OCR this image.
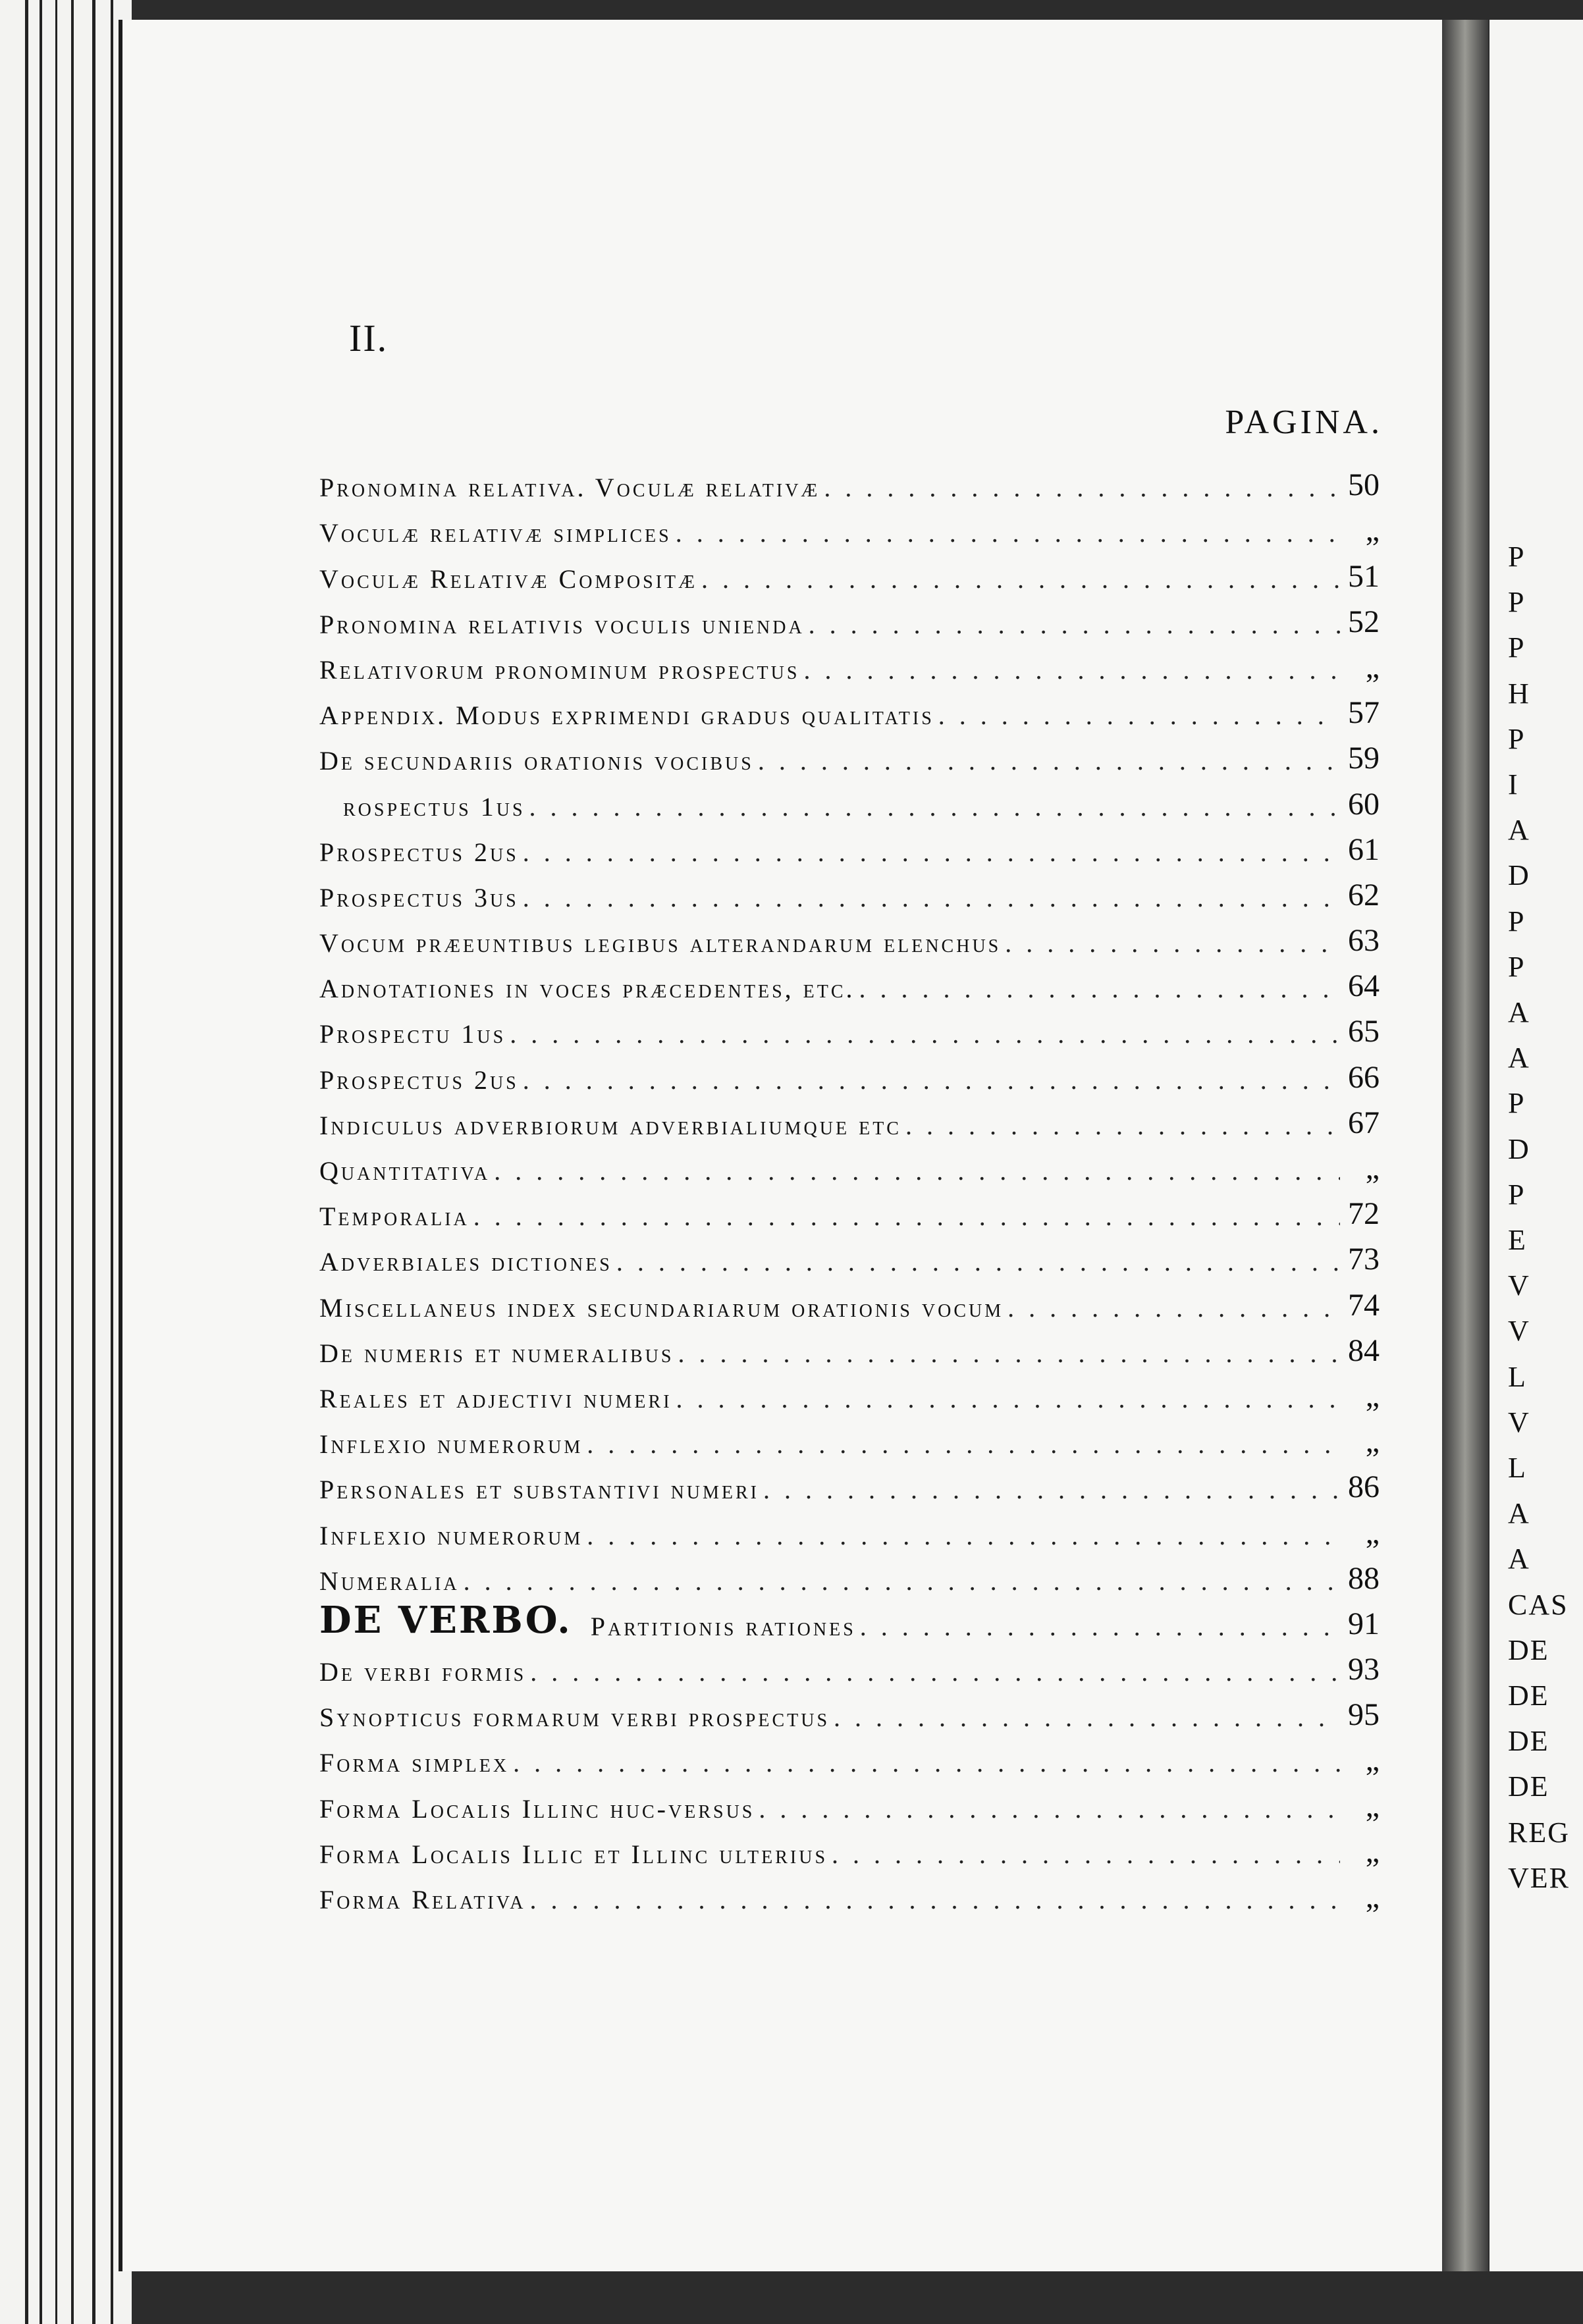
P
P
P
H
P
I
A
D
P
P
A
A
P
D
P
E
V
V
L
V
L
A
A
CAS
DE
DE
DE
DE
REG
VER
II.
PAGINA.
Pronomina relativa. Voculæ relativæ . . .	50
Voculæ relativæ simplices . . .	„
Voculæ Relativæ Compositæ . . .	51
Pronomina relativis voculis unienda . . .	52
Relativorum pronominum prospectus . . .	„
Appendix. Modus exprimendi gradus qualitatis . . .	57
De secundariis orationis vocibus . . .	59
rospectus 1us . . .	60
Prospectus 2us . . .	61
Prospectus 3us . . .	62
Vocum præeuntibus legibus alterandarum elenchus . . .	63
Adnotationes in voces præcedentes, etc. . . .	64
Prospectu 1us . . .	65
Prospectus 2us . . .	66
Indiculus adverbiorum adverbialiumque etc . . .	67
Quantitativa . . .	„
Temporalia . . .	72
Adverbiales dictiones . . .	73
Miscellaneus index secundariarum orationis vocum . . .	74
De numeris et numeralibus . . .	84
Reales et adjectivi numeri . . .	„
Inflexio numerorum . . .	„
Personales et substantivi numeri . . .	86
Inflexio numerorum . . .	„
Numeralia . . .	88
DE VERBO. Partitionis rationes . . .	91
De verbi formis . . .	93
Synopticus formarum verbi prospectus . . .	95
Forma simplex . . .	„
Forma Localis Illinc huc-versus . . .	„
Forma Localis Illic et Illinc ulterius . . .	„
Forma Relativa . . .	„
